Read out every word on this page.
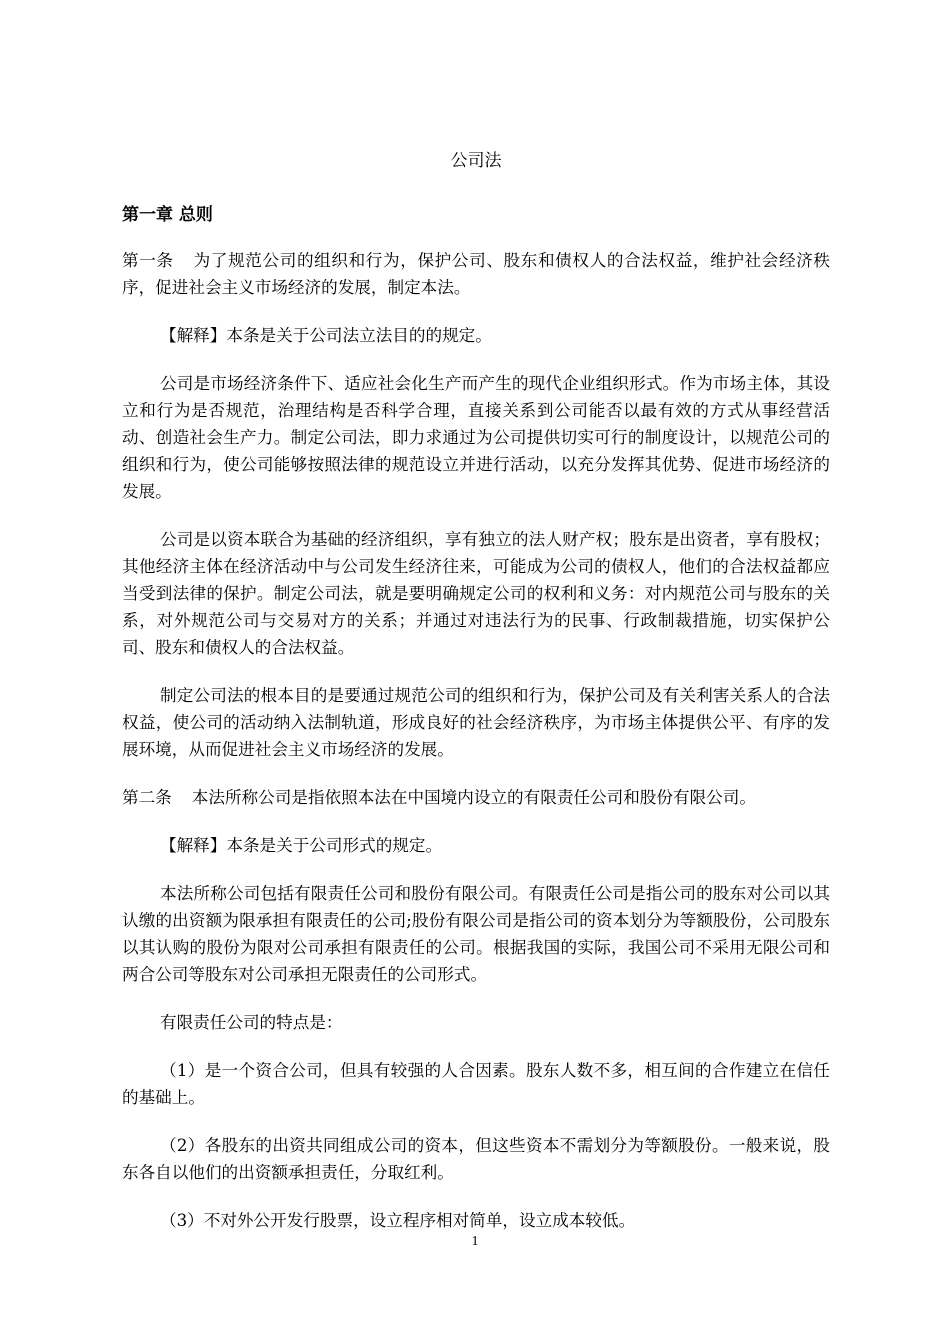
公司法
第一章 总则

第一条 为了规范公司的组织和行为，保护公司、股东和债权人的合法权益，维护社会经济秩序，促进社会主义市场经济的发展，制定本法。

【解释】本条是关于公司法立法目的的规定。

公司是市场经济条件下、适应社会化生产而产生的现代企业组织形式。作为市场主体，其设立和行为是否规范，治理结构是否科学合理，直接关系到公司能否以最有效的方式从事经营活动、创造社会生产力。制定公司法，即力求通过为公司提供切实可行的制度设计，以规范公司的组织和行为，使公司能够按照法律的规范设立并进行活动，以充分发挥其优势、促进市场经济的发展。

公司是以资本联合为基础的经济组织，享有独立的法人财产权；股东是出资者，享有股权；其他经济主体在经济活动中与公司发生经济往来，可能成为公司的债权人，他们的合法权益都应当受到法律的保护。制定公司法，就是要明确规定公司的权利和义务：对内规范公司与股东的关系，对外规范公司与交易对方的关系；并通过对违法行为的民事、行政制裁措施，切实保护公司、股东和债权人的合法权益。

制定公司法的根本目的是要通过规范公司的组织和行为，保护公司及有关利害关系人的合法权益，使公司的活动纳入法制轨道，形成良好的社会经济秩序，为市场主体提供公平、有序的发展环境，从而促进社会主义市场经济的发展。

第二条 本法所称公司是指依照本法在中国境内设立的有限责任公司和股份有限公司。

【解释】本条是关于公司形式的规定。

本法所称公司包括有限责任公司和股份有限公司。有限责任公司是指公司的股东对公司以其认缴的出资额为限承担有限责任的公司;股份有限公司是指公司的资本划分为等额股份，公司股东以其认购的股份为限对公司承担有限责任的公司。根据我国的实际，我国公司不采用无限公司和两合公司等股东对公司承担无限责任的公司形式。

有限责任公司的特点是：

（1）是一个资合公司，但具有较强的人合因素。股东人数不多，相互间的合作建立在信任的基础上。

（2）各股东的出资共同组成公司的资本，但这些资本不需划分为等额股份。一般来说，股东各自以他们的出资额承担责任，分取红利。

（3）不对外公开发行股票，设立程序相对简单，设立成本较低。

1
